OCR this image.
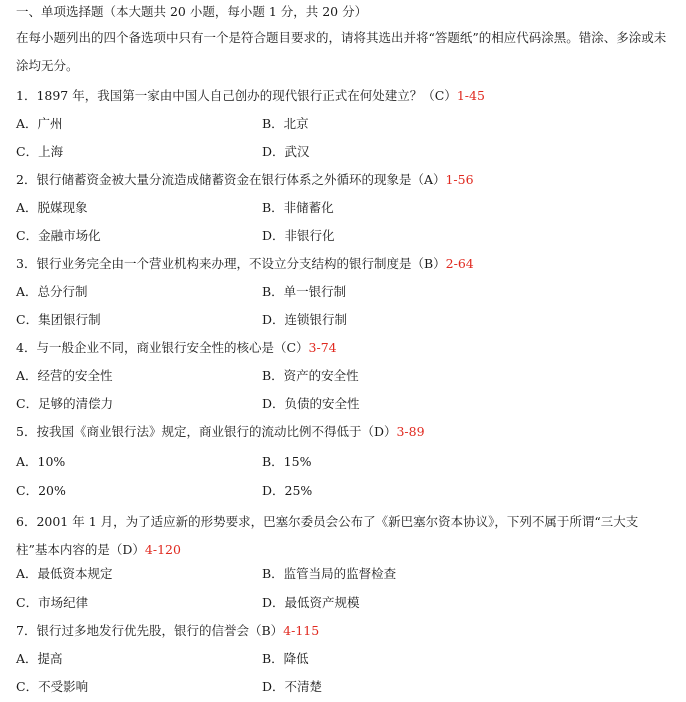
一、单项选择题（本大题共 20 小题，每小题 1 分，共 20 分）
在每小题列出的四个备选项中只有一个是符合题目要求的，请将其选出并将“答题纸”的相应代码涂黑。错涂、多涂或未涂均无分。
1．1897 年，我国第一家由中国人自己创办的现代银行正式在何处建立？（C）1-45
A．广州	B．北京
C．上海	D．武汉
2．银行储蓄资金被大量分流造成储蓄资金在银行体系之外循环的现象是（A）1-56
A．脱媒现象	B．非储蓄化
C．金融市场化	D．非银行化
3．银行业务完全由一个营业机构来办理，不设立分支结构的银行制度是（B）2-64
A．总分行制	B．单一银行制
C．集团银行制	D．连锁银行制
4．与一般企业不同，商业银行安全性的核心是（C）3-74
A．经营的安全性	B．资产的安全性
C．足够的清偿力	D．负债的安全性
5．按我国《商业银行法》规定，商业银行的流动比例不得低于（D）3-89
A．10%	B．15%
C．20%	D．25%
6．2001 年 1 月，为了适应新的形势要求，巴塞尔委员会公布了《新巴塞尔资本协议》，下列不属于所谓“三大支柱”基本内容的是（D）4-120
A．最低资本规定	B．监管当局的监督检查
C．市场纪律	D．最低资产规模
7．银行过多地发行优先股，银行的信誉会（B）4-115
A．提高	B．降低
C．不受影响	D．不清楚
